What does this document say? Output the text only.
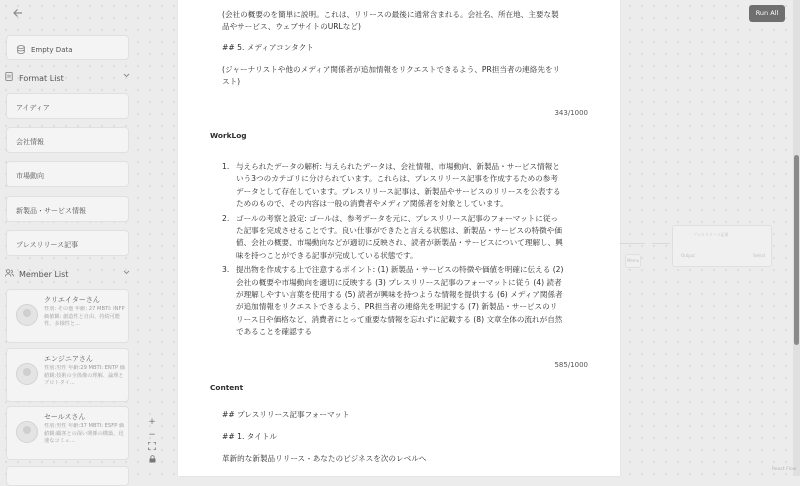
Memo
プレスリリース記事
Output	Select
Empty Data
Format List
アイディア
会社情報
市場動向
新製品・サービス情報
プレスリリース記事
Member List
クリエイターさん
性別: その他 年齢: 27 MBTI: INFP 価値観: 創造性と自由、持続可能性、多様性と...
エンジニアさん
性別:男性 年齢:29 MBTI: ENTP 価値観:技術の全体像の理解、論理とプロトタイ...
セールスさん
性別:男性 年齢:37 MBTI: ESFP 価値観:顧客との深い関係の構築、迅速なコミュ...
+
−
(会社の概要のを簡単に説明。これは、リリースの最後に通常含まれる。会社名、所在地、主要な製
品やサービス、ウェブサイトのURLなど)
## 5. メディアコンタクト
(ジャーナリストや他のメディア関係者が追加情報をリクエストできるよう、PR担当者の連絡先をリ
スト)
343/1000
WorkLog
1. 与えられたデータの解析: 与えられたデータは、会社情報、市場動向、新製品・サービス情報と
いう3つのカテゴリに分けられています。これらは、プレスリリース記事を作成するための参考
データとして存在しています。プレスリリース記事は、新製品やサービスのリリースを公表する
ためのもので、その内容は一般の消費者やメディア関係者を対象としています。
2. ゴールの考察と設定: ゴールは、参考データを元に、プレスリリース記事のフォーマットに従っ
た記事を完成させることです。良い仕事ができたと言える状態は、新製品・サービスの特徴や価
値、会社の概要、市場動向などが適切に反映され、読者が新製品・サービスについて理解し、興
味を持つことができる記事が完成している状態です。
3. 提出物を作成する上で注意するポイント: (1) 新製品・サービスの特徴や価値を明確に伝える (2)
会社の概要や市場動向を適切に反映する (3) プレスリリース記事のフォーマットに従う (4) 読者
が理解しやすい言葉を使用する (5) 読者が興味を持つような情報を提供する (6) メディア関係者
が追加情報をリクエストできるよう、PR担当者の連絡先を明記する (7) 新製品・サービスのリ
リース日や価格など、消費者にとって重要な情報を忘れずに記載する (8) 文章全体の流れが自然
であることを確認する
585/1000
Content
## プレスリリース記事フォーマット
## 1. タイトル
革新的な新製品リリース - あなたのビジネスを次のレベルへ
Run All
React Flow
